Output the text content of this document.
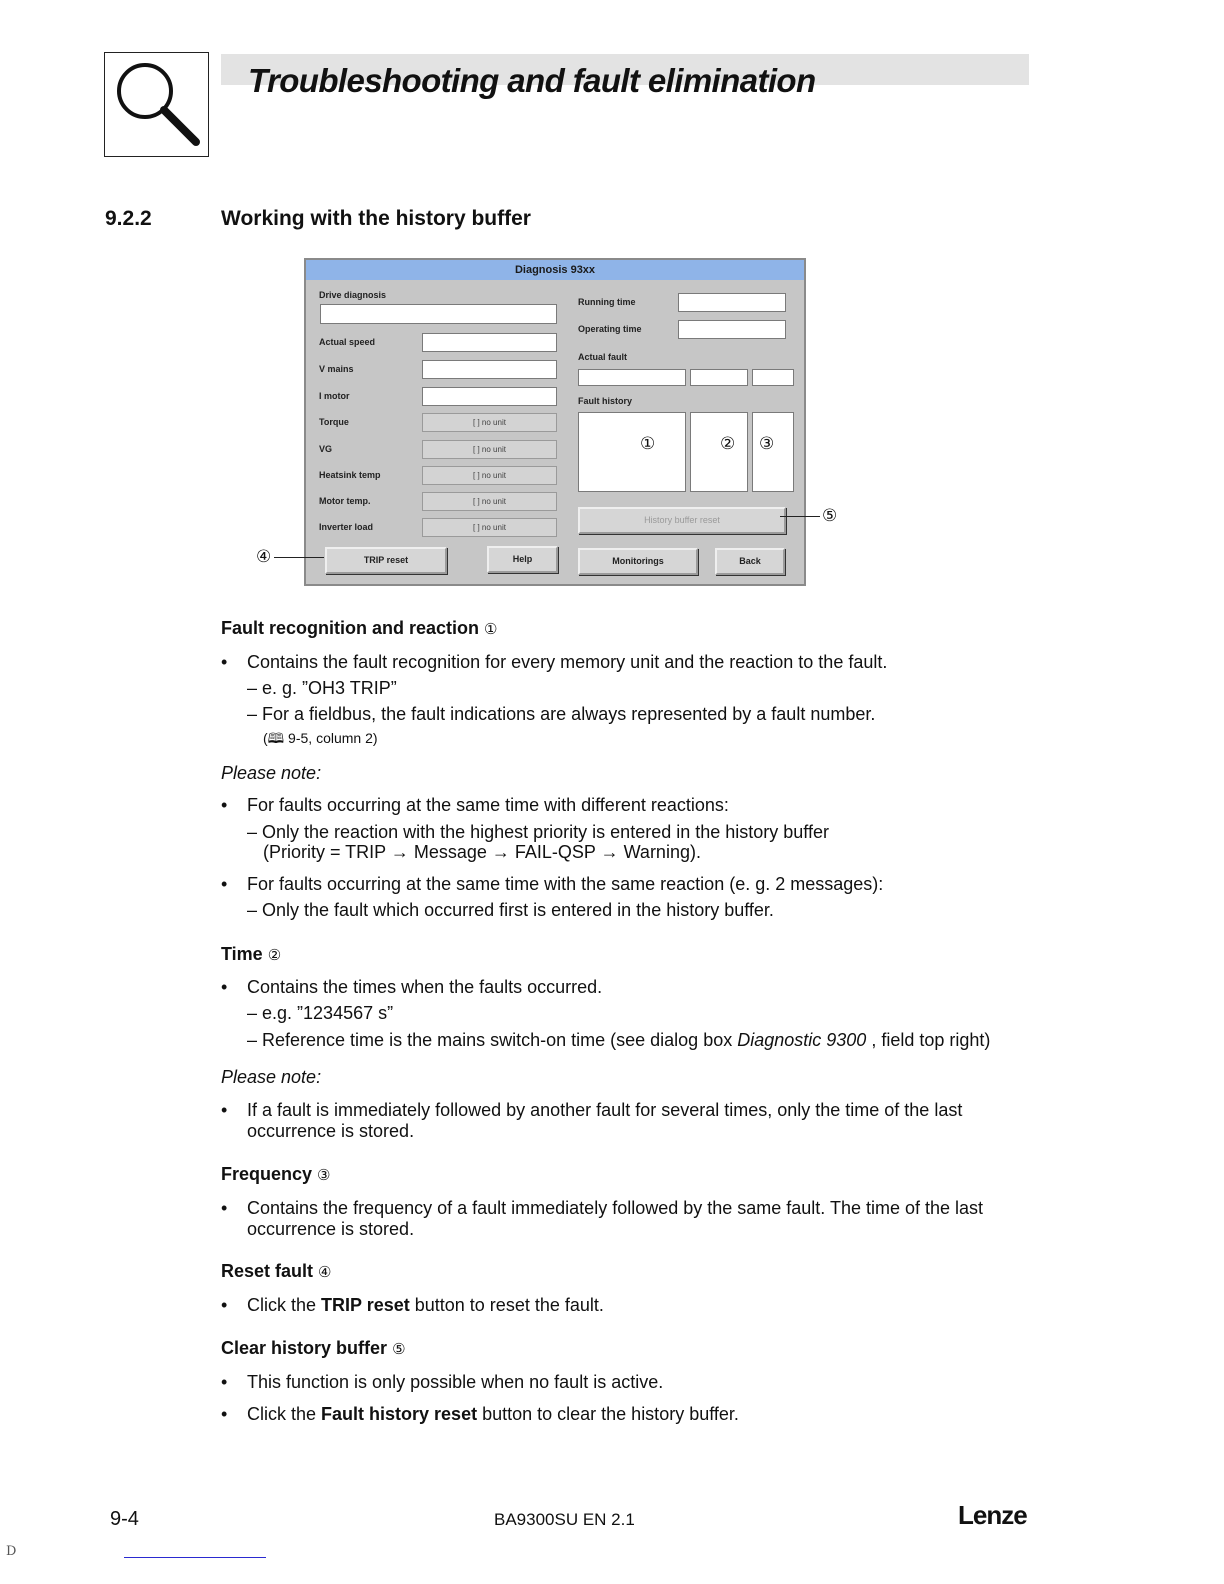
Troubleshooting and fault elimination
9.2.2	Working with the history buffer
Diagnosis 93xx
Drive diagnosis
Actual speed
V mains
I motor
Torque	[ ] no unit
VG	[ ] no unit
Heatsink temp	[ ] no unit
Motor temp.	[ ] no unit
Inverter load	[ ] no unit
Running time
Operating time
Actual fault
Fault history
①	② ③
History buffer reset
TRIP reset	Help	Monitorings	Back
④
⑤
Fault recognition and reaction ①
• Contains the fault recognition for every memory unit and the reaction to the fault.
– e. g. ”OH3 TRIP”
– For a fieldbus, the fault indications are always represented by a fault number.
(🕮 9-5, column 2)
Please note:
• For faults occurring at the same time with different reactions:
– Only the reaction with the highest priority is entered in the history buffer
(Priority = TRIP → Message → FAIL-QSP → Warning).
• For faults occurring at the same time with the same reaction (e. g. 2 messages):
– Only the fault which occurred first is entered in the history buffer.
Time ②
• Contains the times when the faults occurred.
– e.g. ”1234567 s”
– Reference time is the mains switch-on time (see dialog box Diagnostic 9300 , field top right)
Please note:
• If a fault is immediately followed by another fault for several times, only the time of the last
occurrence is stored.
Frequency ③
• Contains the frequency of a fault immediately followed by the same fault. The time of the last
occurrence is stored.
Reset fault ④
• Click the TRIP reset button to reset the fault.
Clear history buffer ⑤
• This function is only possible when no fault is active.
• Click the Fault history reset button to clear the history buffer.
9-4	BA9300SU EN 2.1	Lenze
D
